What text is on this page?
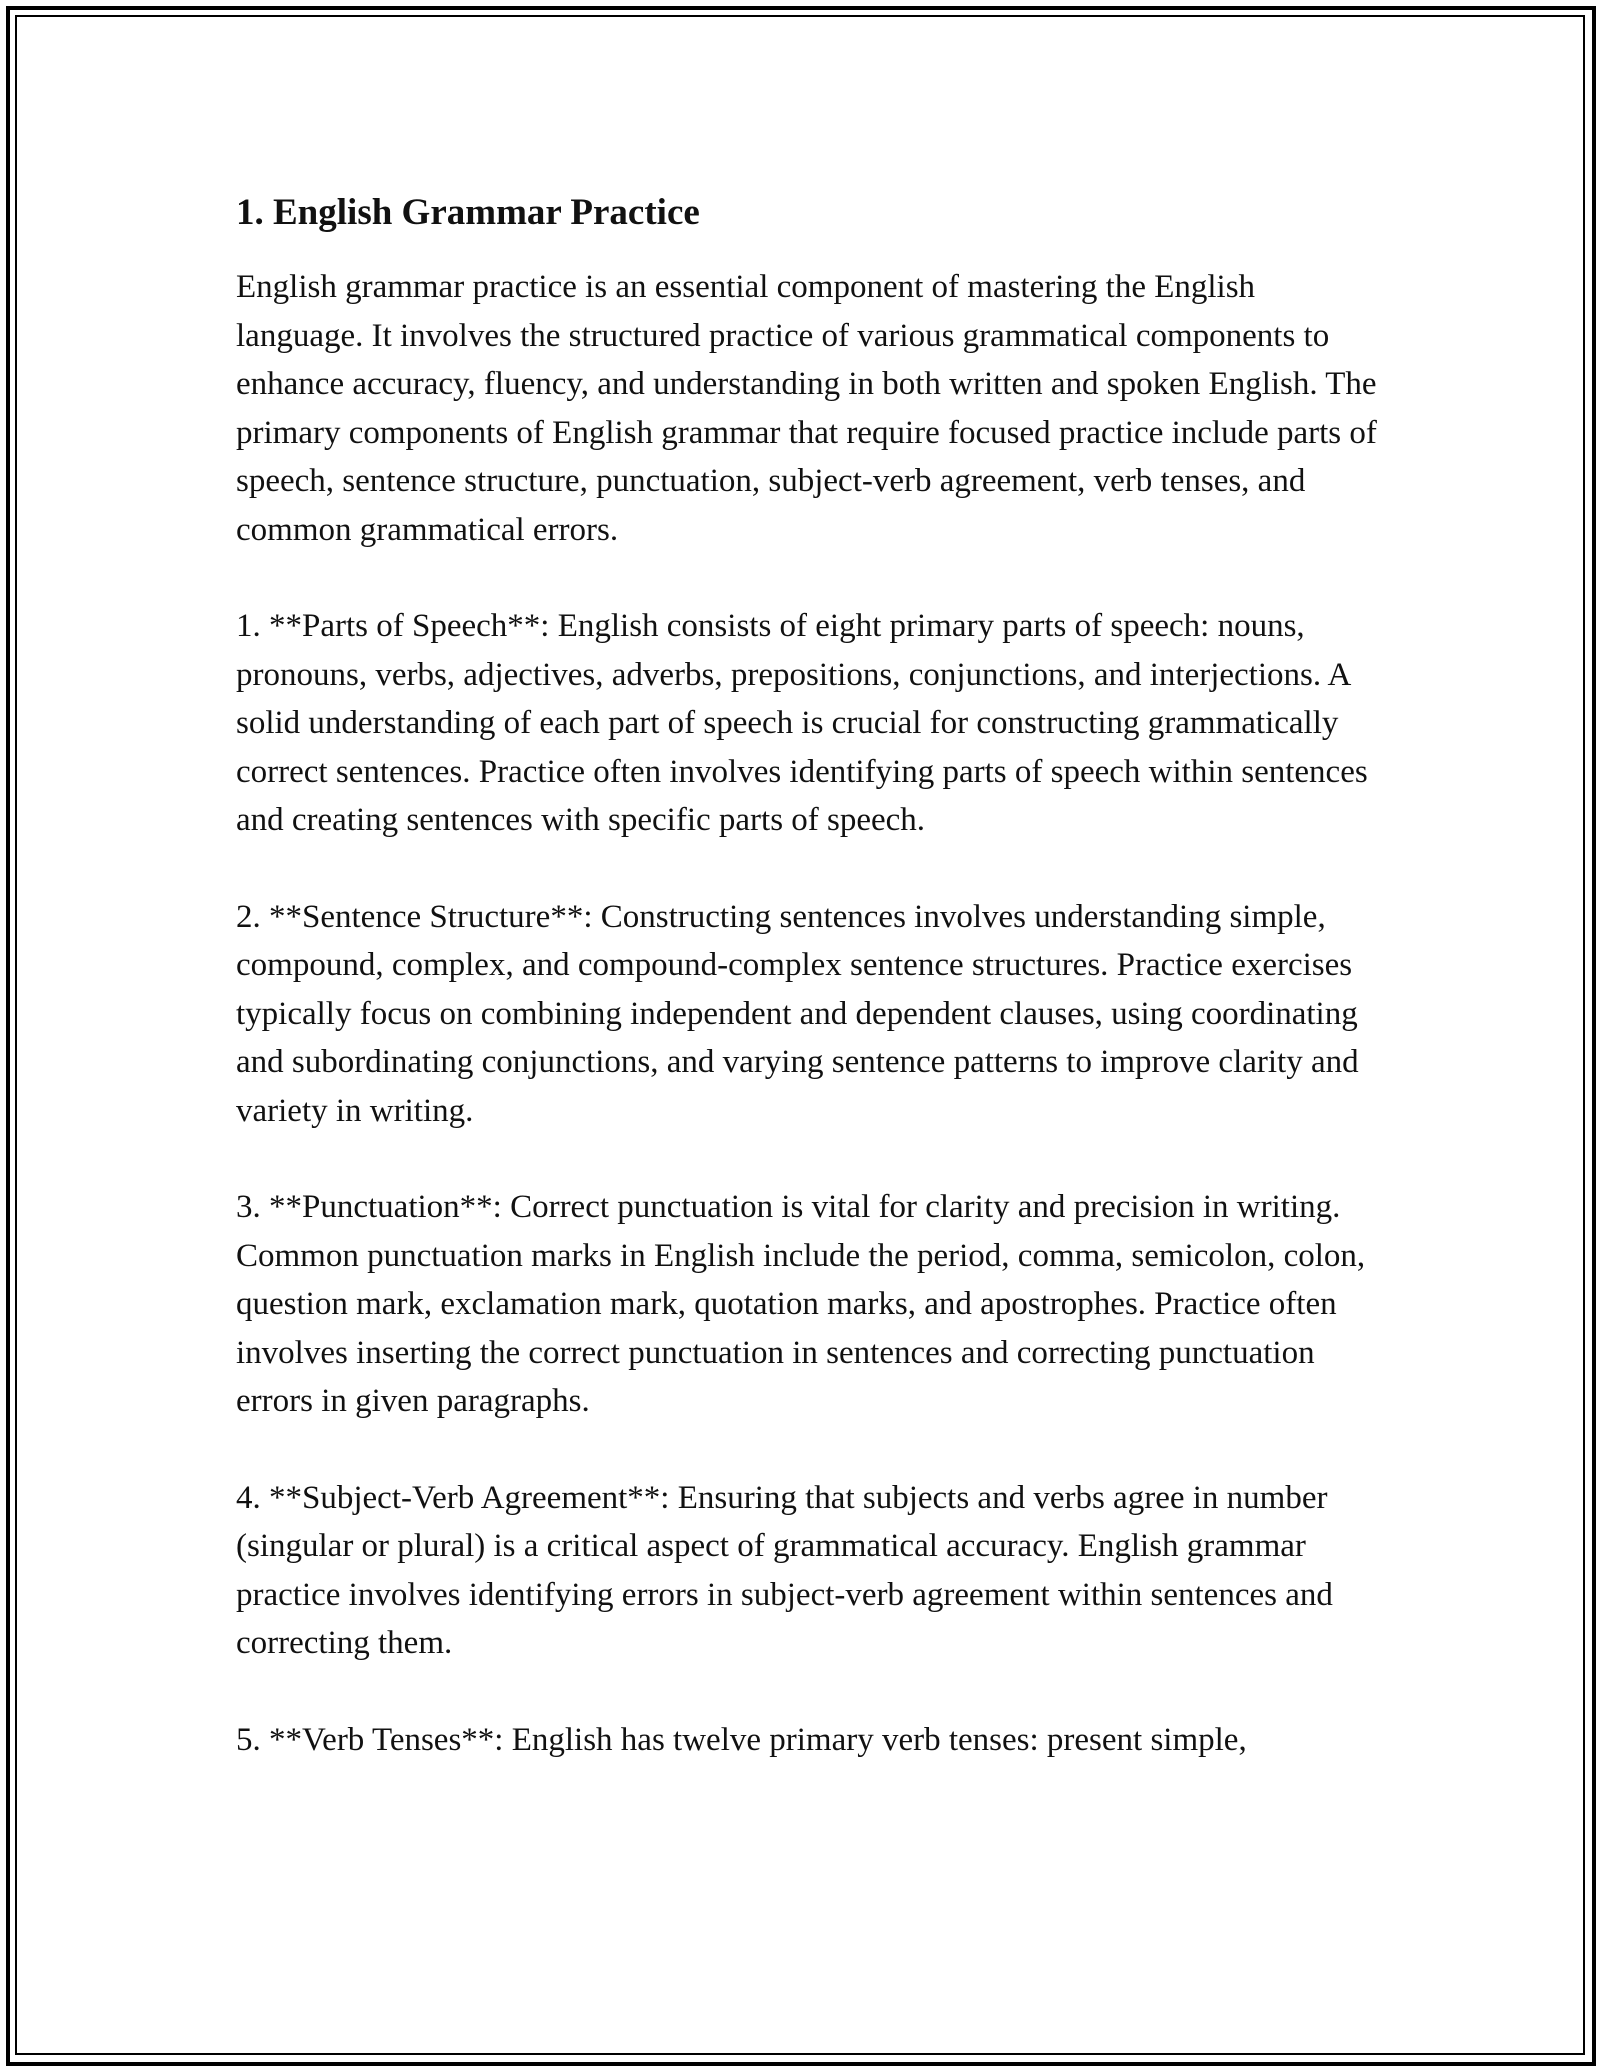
1. English Grammar Practice

English grammar practice is an essential component of mastering the English language. It involves the structured practice of various grammatical components to enhance accuracy, fluency, and understanding in both written and spoken English. The primary components of English grammar that require focused practice include parts of speech, sentence structure, punctuation, subject-verb agreement, verb tenses, and common grammatical errors.

1. **Parts of Speech**: English consists of eight primary parts of speech: nouns, pronouns, verbs, adjectives, adverbs, prepositions, conjunctions, and interjections. A solid understanding of each part of speech is crucial for constructing grammatically correct sentences. Practice often involves identifying parts of speech within sentences and creating sentences with specific parts of speech.

2. **Sentence Structure**: Constructing sentences involves understanding simple, compound, complex, and compound-complex sentence structures. Practice exercises typically focus on combining independent and dependent clauses, using coordinating and subordinating conjunctions, and varying sentence patterns to improve clarity and variety in writing.

3. **Punctuation**: Correct punctuation is vital for clarity and precision in writing. Common punctuation marks in English include the period, comma, semicolon, colon, question mark, exclamation mark, quotation marks, and apostrophes. Practice often involves inserting the correct punctuation in sentences and correcting punctuation errors in given paragraphs.

4. **Subject-Verb Agreement**: Ensuring that subjects and verbs agree in number (singular or plural) is a critical aspect of grammatical accuracy. English grammar practice involves identifying errors in subject-verb agreement within sentences and correcting them.

5. **Verb Tenses**: English has twelve primary verb tenses: present simple,
